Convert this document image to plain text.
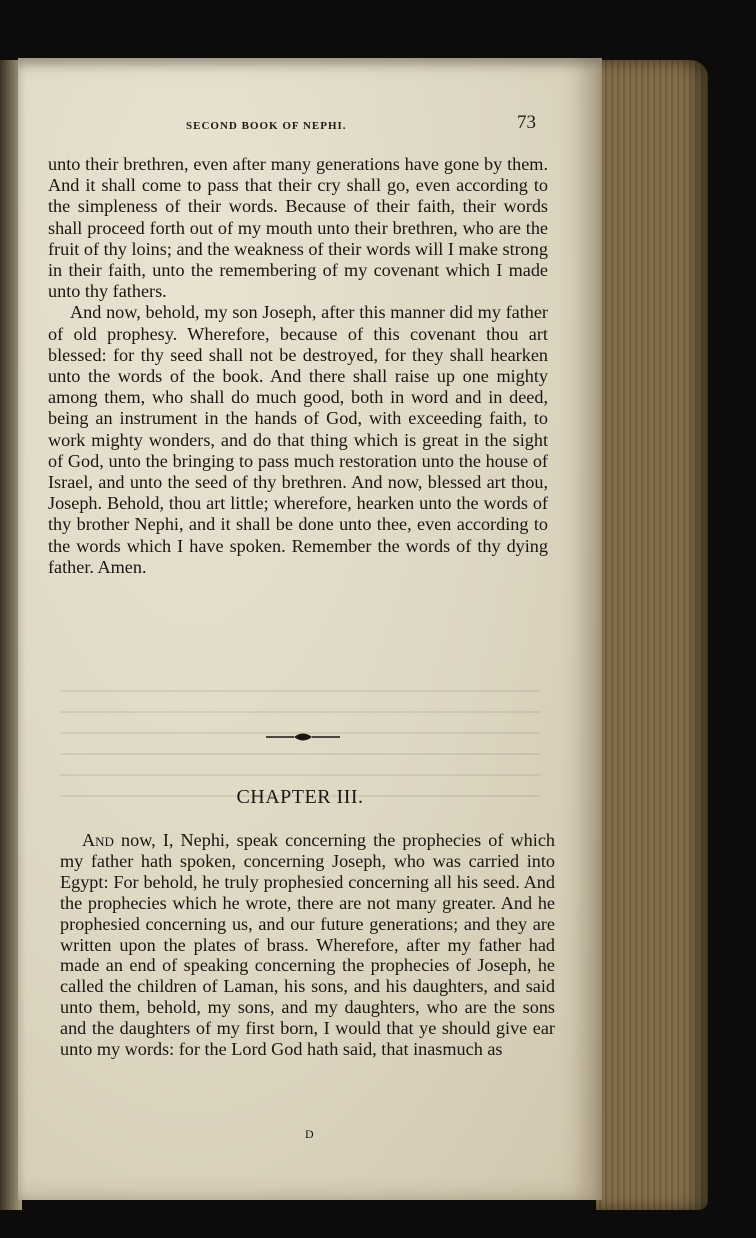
SECOND BOOK OF NEPHI.	73

unto their brethren, even after many generations have gone by them. And it shall come to pass that their cry shall go, even according to the simpleness of their words. Because of their faith, their words shall proceed forth out of my mouth unto their brethren, who are the fruit of thy loins; and the weakness of their words will I make strong in their faith, unto the remembering of my covenant which I made unto thy fathers.

And now, behold, my son Joseph, after this manner did my father of old prophesy. Wherefore, because of this covenant thou art blessed: for thy seed shall not be destroyed, for they shall hearken unto the words of the book. And there shall raise up one mighty among them, who shall do much good, both in word and in deed, being an instrument in the hands of God, with exceeding faith, to work mighty wonders, and do that thing which is great in the sight of God, unto the bringing to pass much restoration unto the house of Israel, and unto the seed of thy brethren. And now, blessed art thou, Joseph. Behold, thou art little; wherefore, hearken unto the words of thy brother Nephi, and it shall be done unto thee, even according to the words which I have spoken. Remember the words of thy dying father. Amen.

CHAPTER III.

And now, I, Nephi, speak concerning the prophecies of which my father hath spoken, concerning Joseph, who was carried into Egypt: For behold, he truly prophesied concerning all his seed. And the prophecies which he wrote, there are not many greater. And he prophesied concerning us, and our future generations; and they are written upon the plates of brass. Wherefore, after my father had made an end of speaking concerning the prophecies of Joseph, he called the children of Laman, his sons, and his daughters, and said unto them, behold, my sons, and my daughters, who are the sons and the daughters of my first born, I would that ye should give ear unto my words: for the Lord God hath said, that inasmuch as

D
